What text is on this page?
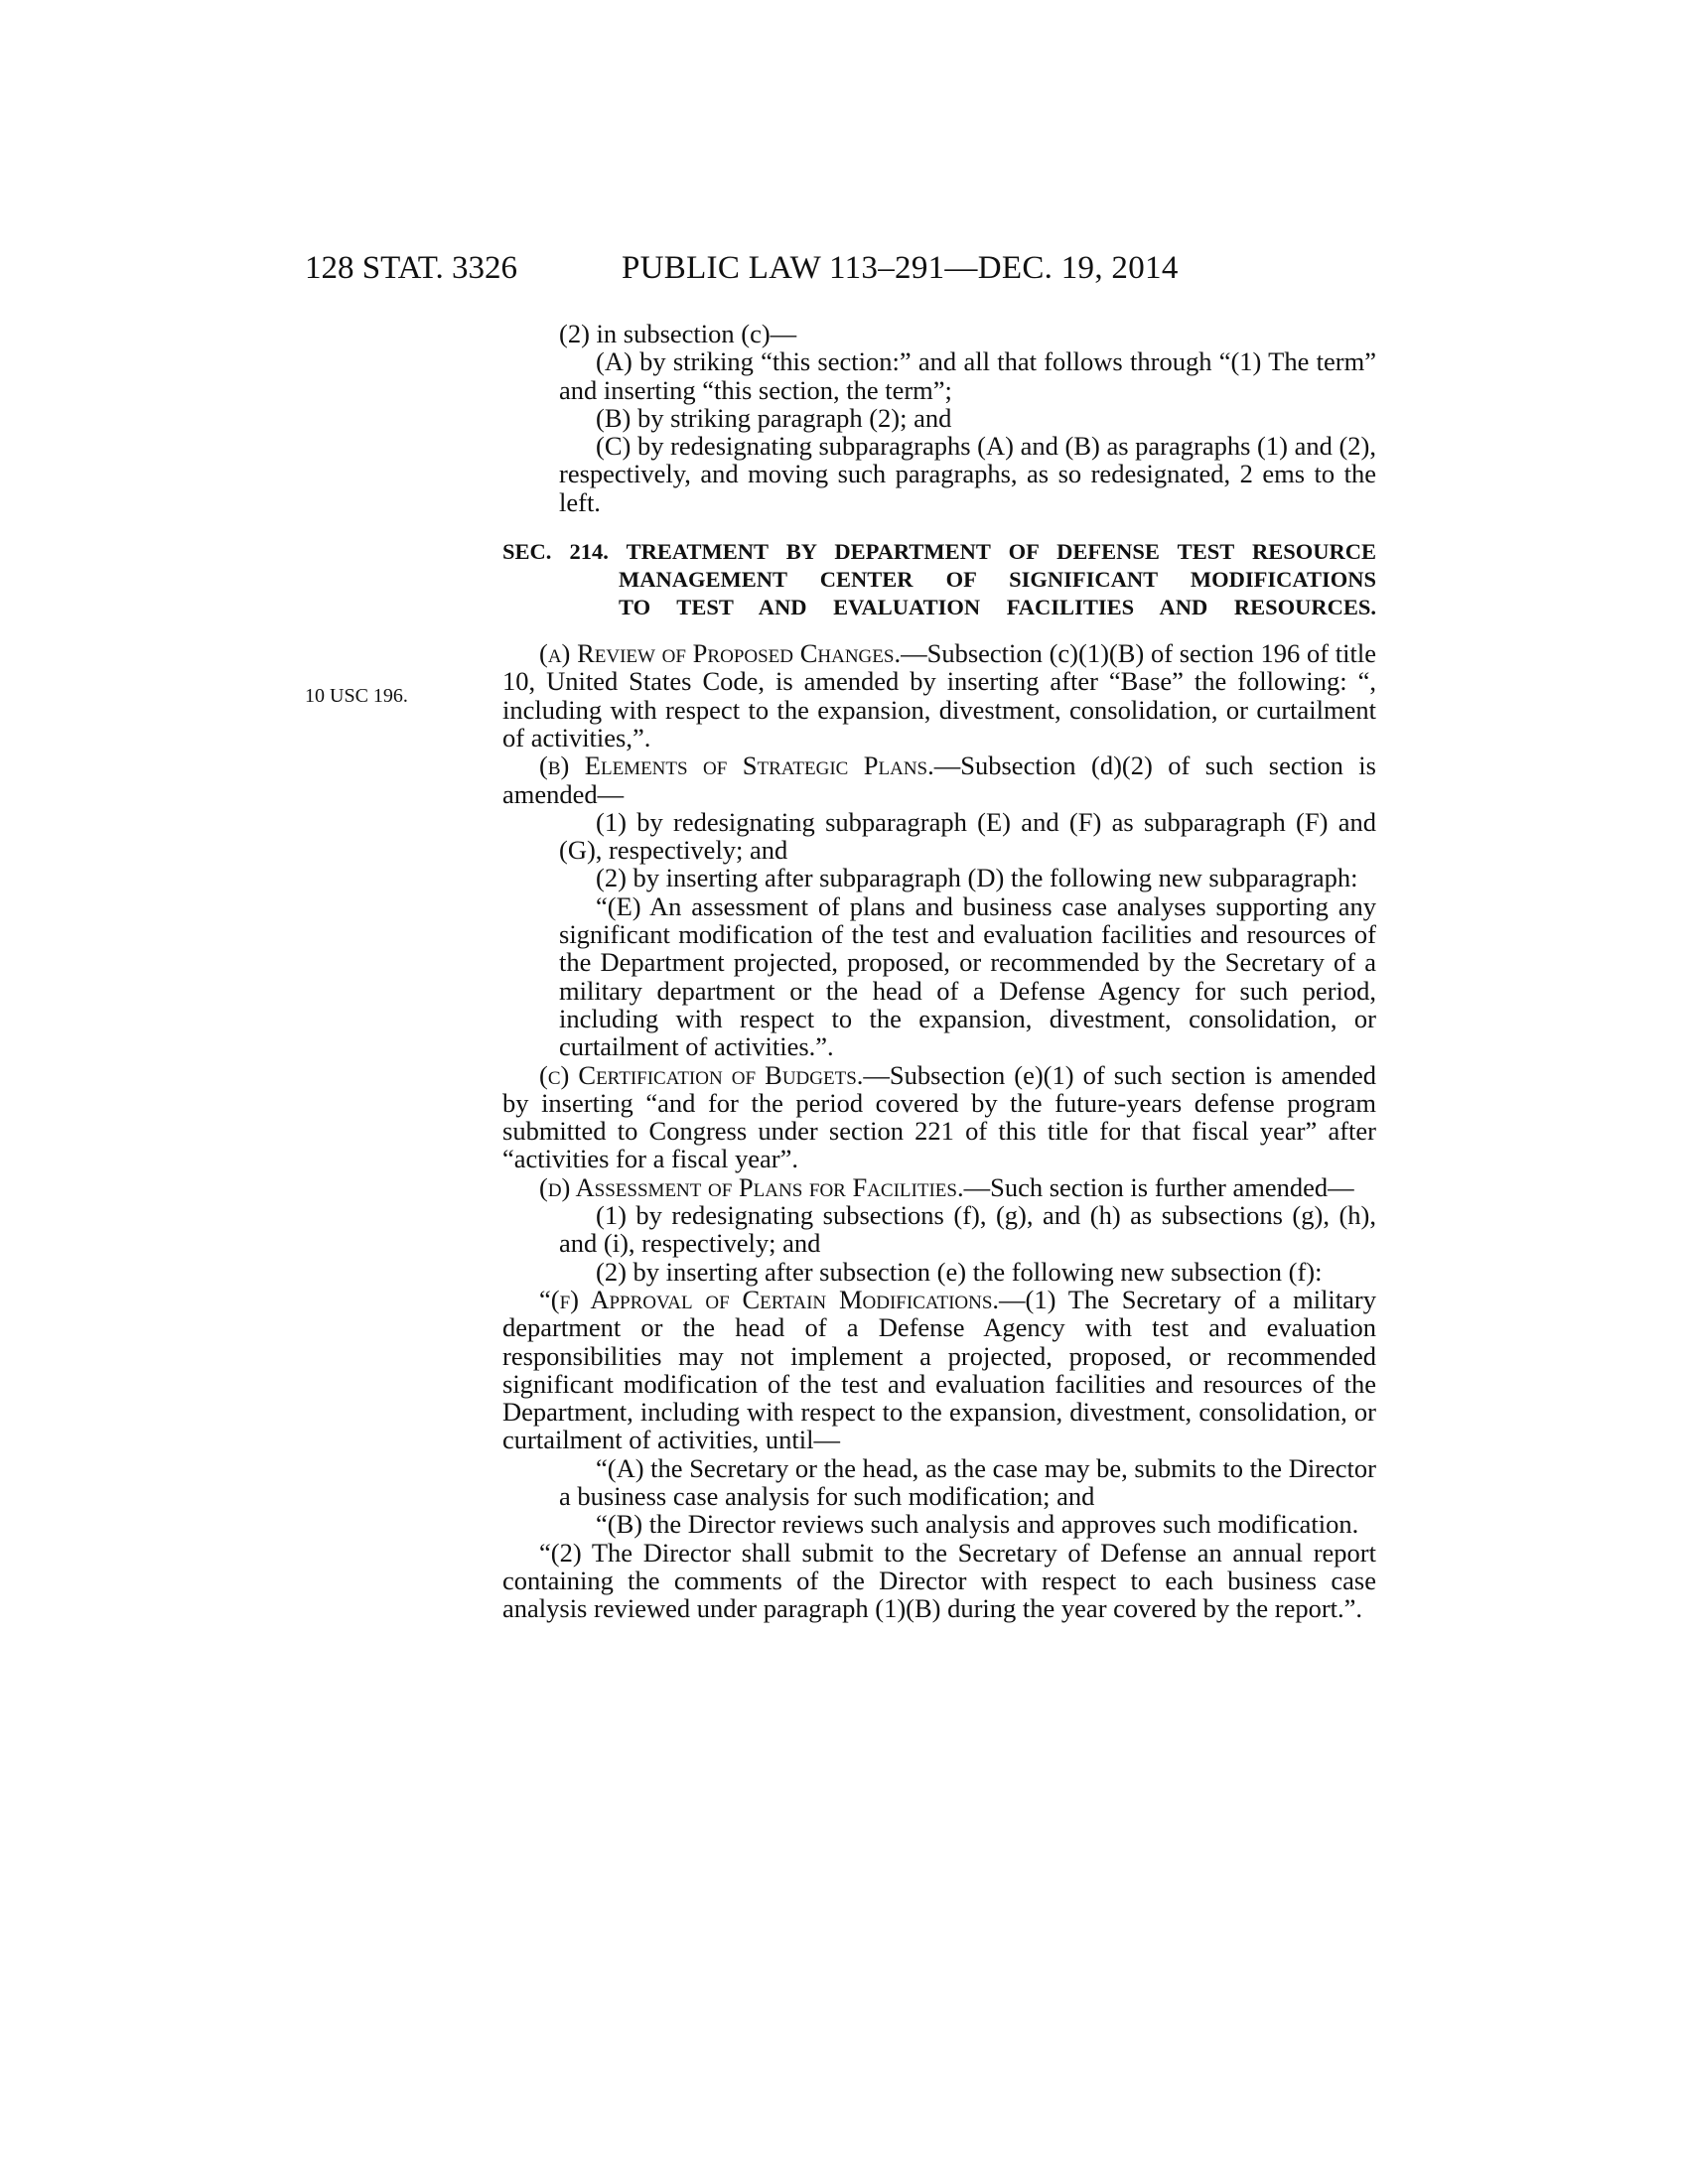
128 STAT. 3326	PUBLIC LAW 113–291—DEC. 19, 2014
10 USC 196.

(2) in subsection (c)—

(A) by striking “this section:” and all that follows through “(1) The term” and inserting “this section, the term”;

(B) by striking paragraph (2); and

(C) by redesignating subparagraphs (A) and (B) as paragraphs (1) and (2), respectively, and moving such paragraphs, as so redesignated, 2 ems to the left.

SEC. 214. TREATMENT BY DEPARTMENT OF DEFENSE TEST RESOURCE
MANAGEMENT CENTER OF SIGNIFICANT MODIFICATIONS
TO TEST AND EVALUATION FACILITIES AND RESOURCES.

(a) Review of Proposed Changes.—Subsection (c)(1)(B) of section 196 of title 10, United States Code, is amended by inserting after “Base” the following: “, including with respect to the expansion, divestment, consolidation, or curtailment of activities,”.

(b) Elements of Strategic Plans.—Subsection (d)(2) of such section is amended—

(1) by redesignating subparagraph (E) and (F) as subparagraph (F) and (G), respectively; and

(2) by inserting after subparagraph (D) the following new subparagraph:

“(E) An assessment of plans and business case analyses supporting any significant modification of the test and evaluation facilities and resources of the Department projected, proposed, or recommended by the Secretary of a military department or the head of a Defense Agency for such period, including with respect to the expansion, divestment, consolidation, or curtailment of activities.”.

(c) Certification of Budgets.—Subsection (e)(1) of such section is amended by inserting “and for the period covered by the future-years defense program submitted to Congress under section 221 of this title for that fiscal year” after “activities for a fiscal year”.

(d) Assessment of Plans for Facilities.—Such section is further amended—

(1) by redesignating subsections (f), (g), and (h) as subsections (g), (h), and (i), respectively; and

(2) by inserting after subsection (e) the following new subsection (f):

“(f) Approval of Certain Modifications.—(1) The Secretary of a military department or the head of a Defense Agency with test and evaluation responsibilities may not implement a projected, proposed, or recommended significant modification of the test and evaluation facilities and resources of the Department, including with respect to the expansion, divestment, consolidation, or curtailment of activities, until—

“(A) the Secretary or the head, as the case may be, submits to the Director a business case analysis for such modification; and

“(B) the Director reviews such analysis and approves such modification.

“(2) The Director shall submit to the Secretary of Defense an annual report containing the comments of the Director with respect to each business case analysis reviewed under paragraph (1)(B) during the year covered by the report.”.
